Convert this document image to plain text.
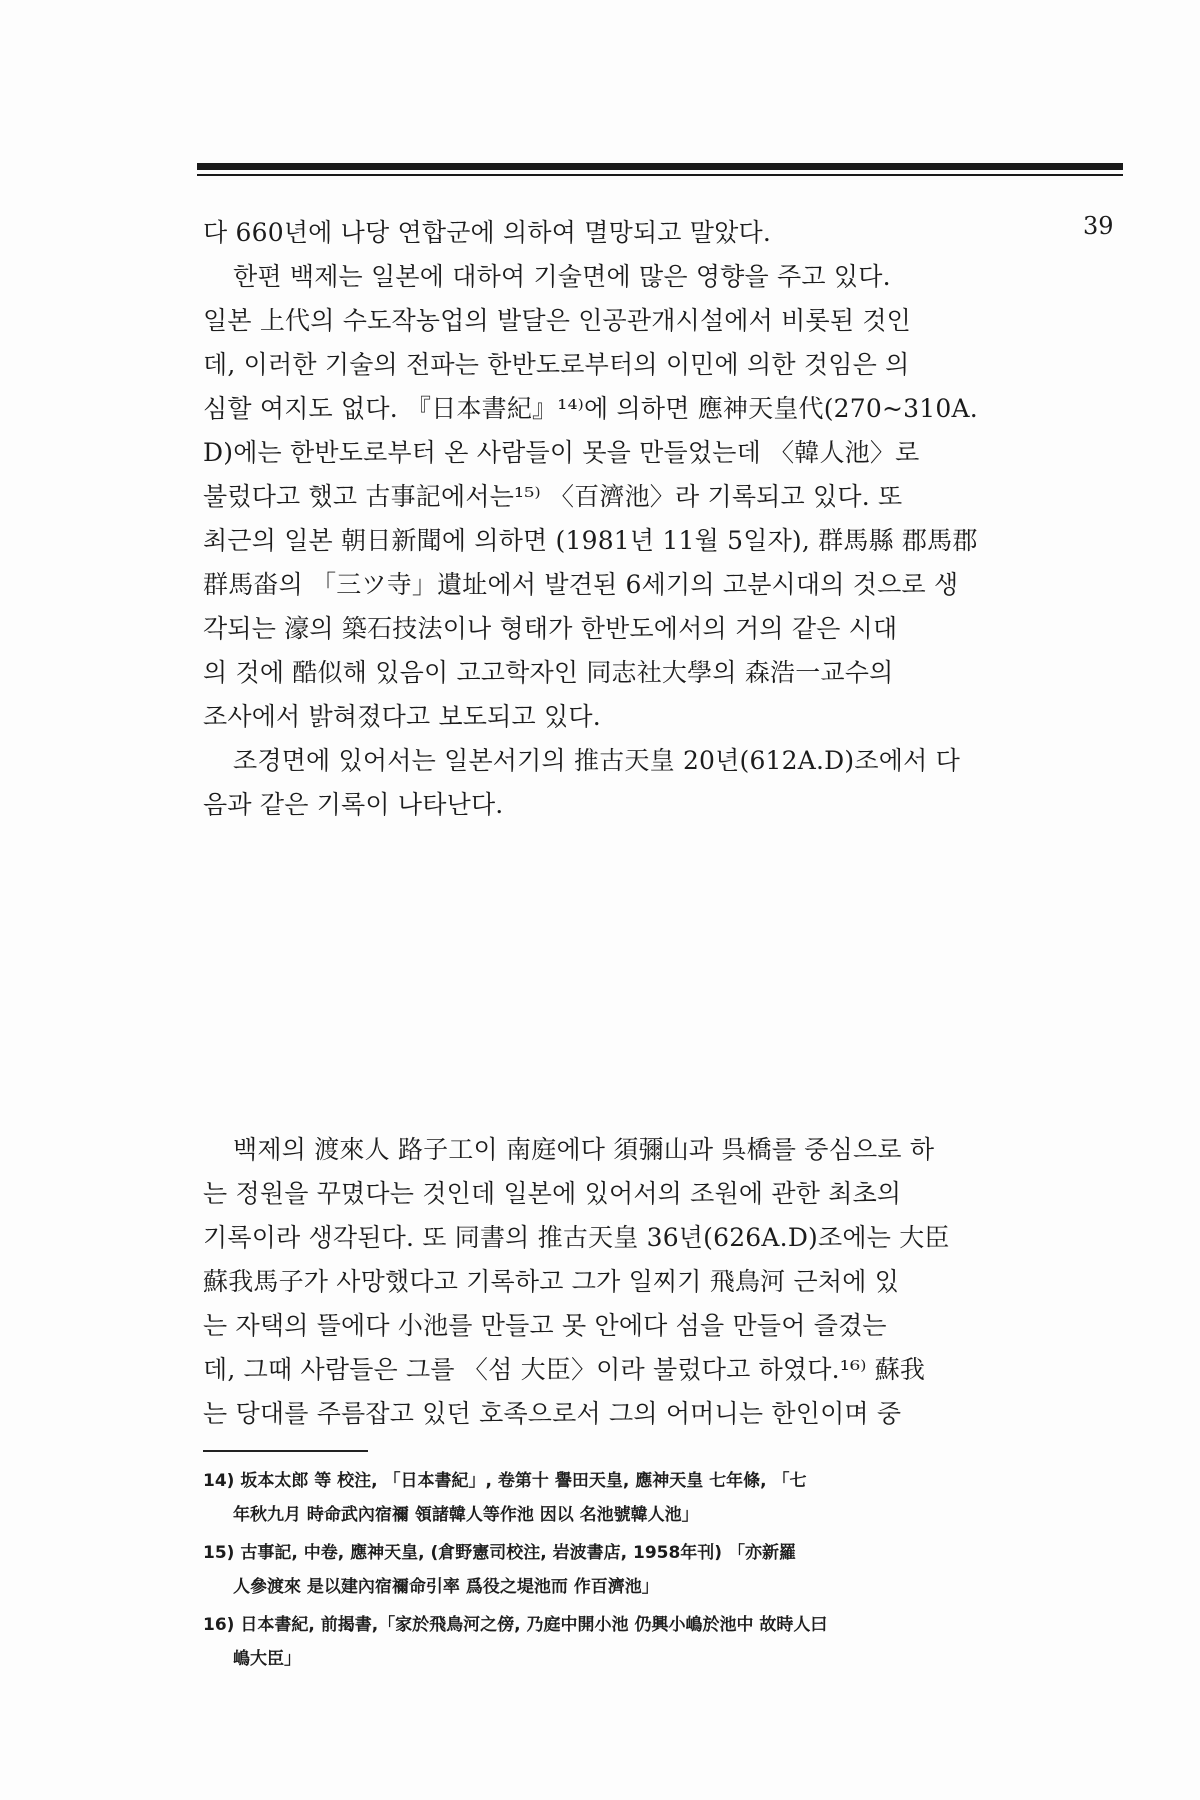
39
다 660년에 나당 연합군에 의하여 멸망되고 말았다.
한편 백제는 일본에 대하여 기술면에 많은 영향을 주고 있다.
일본 上代의 수도작농업의 발달은 인공관개시설에서 비롯된 것인
데, 이러한 기술의 전파는 한반도로부터의 이민에 의한 것임은 의
심할 여지도 없다. 『日本書紀』¹⁴⁾에 의하면 應神天皇代(270~310A.
D)에는 한반도로부터 온 사람들이 못을 만들었는데 〈韓人池〉로
불렀다고 했고 古事記에서는¹⁵⁾ 〈百濟池〉라 기록되고 있다. 또
최근의 일본 朝日新聞에 의하면 (1981년 11월 5일자), 群馬縣 郡馬郡
群馬畓의 「三ツ寺」遺址에서 발견된 6세기의 고분시대의 것으로 생
각되는 濠의 築石技法이나 형태가 한반도에서의 거의 같은 시대
의 것에 酷似해 있음이 고고학자인 同志社大學의 森浩一교수의
조사에서 밝혀졌다고 보도되고 있다.
조경면에 있어서는 일본서기의 推古天皇 20년(612A.D)조에서 다
음과 같은 기록이 나타난다.
백제의 渡來人 路子工이 南庭에다 須彌山과 呉橋를 중심으로 하
는 정원을 꾸몄다는 것인데 일본에 있어서의 조원에 관한 최초의
기록이라 생각된다. 또 同書의 推古天皇 36년(626A.D)조에는 大臣
蘇我馬子가 사망했다고 기록하고 그가 일찌기 飛鳥河 근처에 있
는 자택의 뜰에다 小池를 만들고 못 안에다 섬을 만들어 즐겼는
데, 그때 사람들은 그를 〈섬 大臣〉이라 불렀다고 하였다.¹⁶⁾ 蘇我
는 당대를 주름잡고 있던 호족으로서 그의 어머니는 한인이며 중
14) 坂本太郎 等 校注, 「日本書紀」, 卷第十 譽田天皇, 應神天皇 七年條, 「七
年秋九月 時命武內宿禰 領諸韓人等作池 因以 名池號韓人池」
15) 古事記, 中卷, 應神天皇, (倉野憲司校注, 岩波書店, 1958年刊) 「亦新羅
人參渡來 是以建內宿禰命引率 爲役之堤池而 作百濟池」
16) 日本書紀, 前揭書,「家於飛鳥河之傍, 乃庭中開小池 仍興小嶋於池中 故時人曰
嶋大臣」
